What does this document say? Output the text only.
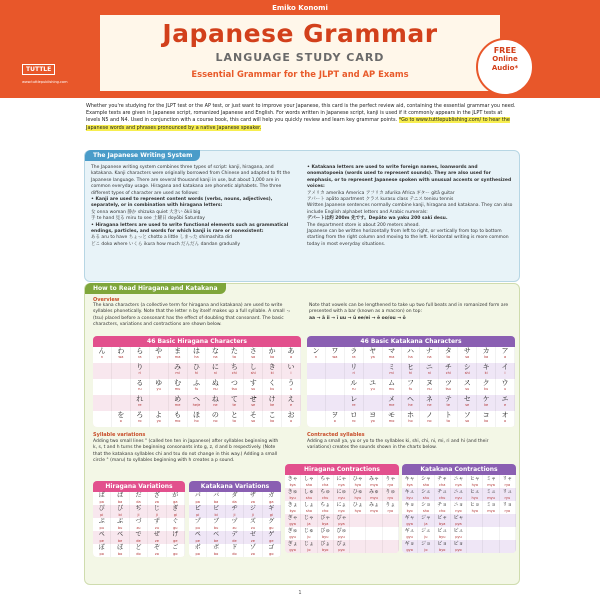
Emiko Konomi
Japanese Grammar
LANGUAGE STUDY CARD
Essential Grammar for the JLPT and AP Exams
TUTTLE
www.tuttlepublishing.com
FREE
Online
Audio*
Whether you're studying for the JLPT test or the AP test, or just want to improve your Japanese, this card is the perfect review aid, containing the essential grammar you need. Example texts are given in Japanese script, romanized Japanese and English. For words written in Japanese script, kanji is used if it commonly appears in the JLPT tests at levels N5 and N4. Used in conjunction with a course book, this card will help you quickly review and learn key grammar points. *Go to www.tuttlepublishing.com/ to hear the Japanese words and phrases pronounced by a native Japanese speaker.
The Japanese Writing System
The Japanese writing system combines three types of script: kanji, hiragana, and katakana. Kanji characters were originally borrowed from Chinese and adapted to fit the Japanese language. There are several thousand kanji in use, but about 1,000 are in common everyday usage. Hiragana and katakana are phonetic alphabets. The three different types of character are used as follows:
• Kanji are used to represent content words (verbs, nouns, adjectives), separately, or in combination with hiragana letters:
女 onna woman 静か shizuka quiet 大きい ōkii big
手 te hand 見る miru to see 土曜日 doyōbi Saturday
• Hiragana letters are used to write functional elements such as grammatical endings, particles, and words for which kanji is rare or nonexistent:
ある aru to have ちょっと chotto a little しまった shimashita did
どこ doko where いくら ikura how much だんだん dandan gradually
• Katakana letters are used to write foreign names, loanwords and onomatopoeia (words used to represent sounds). They are also used for emphasis, or to represent Japanese spoken with unusual accents or synthesized voices:
アメリカ amerika America アフリカ afurika Africa ギター gitā guitar
アパート apāto apartment クラス kurasu class テニス tenisu tennis
Written Japanese sentences normally combine kanji, hiragana and katakana. They can also include English alphabet letters and Arabic numerals:
デパートは約 200m 先です。Depāto wa yaku 200 sakī desu.
The department store is about 200 meters ahead.
Japanese can be written horizontally from left to right, or vertically from top to bottom starting from the right column and moving to the left. Horizontal writing is more common today in most everyday situations.
How to Read Hiragana and Katakana
Overview
The kana characters (a collective term for hiragana and katakana) are used to write syllables phonetically. Note that the letter n by itself makes up a full syllable. A small っ (tsu) placed before a consonant has the effect of doubling that consonant. The basic characters, variations and contractions are shown below.
Note that vowels can be lengthened to take up two full beats and in romanized form are presented with a bar (known as a macron) on top:
aa → ā ii → ī uu → ū ee/ei → ē oo/ou → ō
46 Basic Hiragana Characters
ん
n
わ
wa
ら
ra
や
ya
ま
ma
は
ha
な
na
た
ta
さ
sa
か
ka
あ
a
り
ri
み
mi
ひ
hi
に
ni
ち
chi
し
shi
き
ki
い
i
る
ru
ゆ
yu
む
mu
ふ
fu
ぬ
nu
つ
tsu
す
su
く
ku
う
u
れ
re
め
me
へ
he/e
ね
ne
て
te
せ
se
け
ke
え
e
を
o
ろ
ro
よ
yo
も
mo
ほ
ho
の
no
と
to
そ
so
こ
ko
お
o
46 Basic Katakana Characters
ン
n
ワ
wa
ラ
ra
ヤ
ya
マ
ma
ハ
ha
ナ
na
タ
ta
サ
sa
カ
ka
ア
a
リ
ri
ミ
mi
ヒ
hi
ニ
ni
チ
chi
シ
shi
キ
ki
イ
i
ル
ru
ユ
yu
ム
mu
フ
fu
ヌ
nu
ツ
tsu
ス
su
ク
ku
ウ
u
レ
re
メ
me
ヘ
he
ネ
ne
テ
te
セ
se
ケ
ke
エ
e
ヲ
o
ロ
ro
ヨ
yo
モ
mo
ホ
ho
ノ
no
ト
to
ソ
so
コ
ko
オ
o
Syllable variations
Adding two small lines " (called ten ten in Japanese) after syllables beginning with k, s, t and h turns the beginning consonants into g, z, d and b respectively. (Note that the katakana syllables chi and tsu do not change in this way.) Adding a small circle ° (maru) to syllables beginning with h creates a p sound.
Contracted syllables
Adding a small ya, yu or yo to the syllables ki, shi, chi, ni, mi, ri and hi (and their variations) creates the sounds shown in the charts below.
Hiragana Variations
ぱ
pa
ば
ba
だ
da
ざ
za
が
ga
ぴ
pi
び
bi
ぢ
ji
じ
ji
ぎ
gi
ぷ
pu
ぶ
bu
づ
zu
ず
zu
ぐ
gu
ぺ
pe
べ
be
で
de
ぜ
ze
げ
ge
ぽ
po
ぼ
bo
ど
do
ぞ
zo
ご
go
Katakana Variations
パ
pa
バ
ba
ダ
da
ザ
za
ガ
ga
ピ
pi
ビ
bi
ヂ
ji
ジ
ji
ギ
gi
プ
pu
ブ
bu
ヅ
zu
ズ
zu
グ
gu
ペ
pe
ベ
be
デ
de
ゼ
ze
ゲ
ge
ポ
po
ボ
bo
ド
do
ゾ
zo
ゴ
go
Hiragana Contractions
きゃ
kya
しゃ
sha
ちゃ
cha
にゃ
nya
ひゃ
hya
みゃ
mya
りゃ
rya
きゅ
kyu
しゅ
shu
ちゅ
chu
にゅ
nyu
ひゅ
hyu
みゅ
myu
りゅ
ryu
きょ
kyo
しょ
sho
ちょ
cho
にょ
nyo
ひょ
hyo
みょ
myo
りょ
ryo
ぎゃ
gya
じゃ
ja
びゃ
bya
ぴゃ
pya
ぎゅ
gyu
じゅ
ju
びゅ
byu
ぴゅ
pyu
ぎょ
gyo
じょ
jo
びょ
byo
ぴょ
pyo
Katakana Contractions
キャ
kya
シャ
sha
チャ
cha
ニャ
nya
ヒャ
hya
ミャ
mya
リャ
rya
キュ
kyu
シュ
shu
チュ
chu
ニュ
nyu
ヒュ
hyu
ミュ
myu
リュ
ryu
キョ
kyo
ショ
sho
チョ
cho
ニョ
nyo
ヒョ
hyo
ミョ
myo
リョ
ryo
ギャ
gya
ジャ
ja
ビャ
bya
ピャ
pya
ギュ
gyu
ジュ
ju
ビュ
byu
ピュ
pyu
ギョ
gyo
ジョ
jo
ビョ
byo
ピョ
pyo
1
